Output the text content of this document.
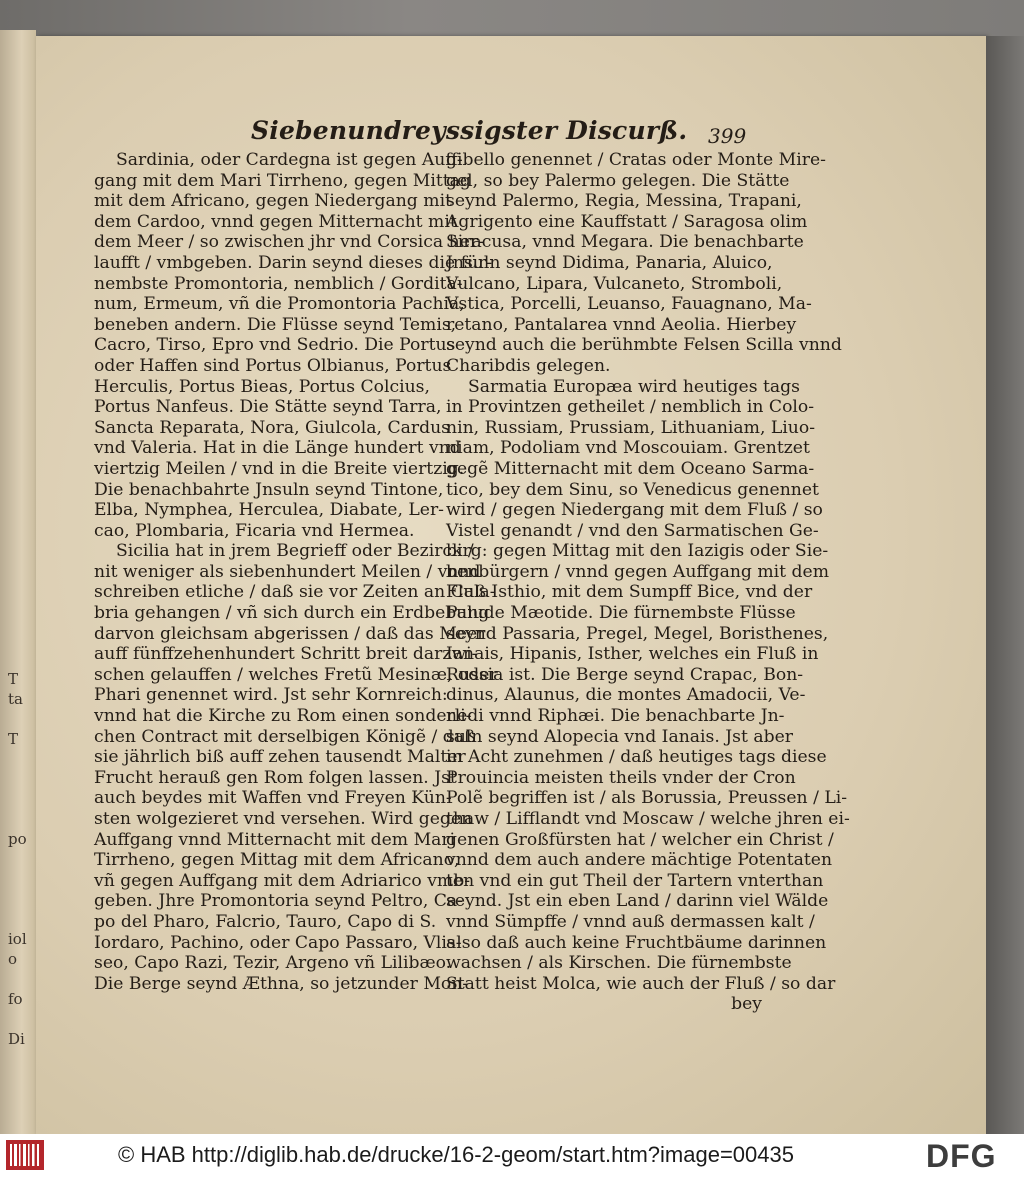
T
ta
T
po
iol
o
fo
Di
Siebenundreyssigster Discurß.	399
Sardinia, oder Cardegna ist gegen Auff-
gang mit dem Mari Tirrheno, gegen Mittag
mit dem Africano, gegen Niedergang mit
dem Cardoo, vnnd gegen Mitternacht mit
dem Meer / so zwischen jhr vnd Corsica her-
laufft / vmbgeben. Darin seynd dieses die für-
nembste Promontoria, nemblich / Gordita-
num, Ermeum, vñ die Promontoria Pachia,
beneben andern. Die Flüsse seynd Temis,
Cacro, Tirso, Epro vnd Sedrio. Die Portus
oder Haffen sind Portus Olbianus, Portus
Herculis, Portus Bieas, Portus Colcius,
Portus Nanfeus. Die Stätte seynd Tarra,
Sancta Reparata, Nora, Giulcola, Cardus
vnd Valeria. Hat in die Länge hundert vnd
viertzig Meilen / vnd in die Breite viertzig.
Die benachbahrte Jnsuln seynd Tintone,
Elba, Nymphea, Herculea, Diabate, Ler-
cao, Plombaria, Ficaria vnd Hermea.
Sicilia hat in jrem Begrieff oder Bezirck /
nit weniger als siebenhundert Meilen / vnnd
schreiben etliche / daß sie vor Zeiten an Cala-
bria gehangen / vñ sich durch ein Erdbebung
darvon gleichsam abgerissen / daß das Meer
auff fünffzehenhundert Schritt breit darzwi-
schen gelauffen / welches Fretũ Mesinæ, oder
Phari genennet wird. Jst sehr Kornreich:
vnnd hat die Kirche zu Rom einen sonderli-
chen Contract mit derselbigen Königẽ / daß
sie jährlich biß auff zehen tausendt Malter
Frucht herauß gen Rom folgen lassen. Jst
auch beydes mit Waffen vnd Freyen Kün-
sten wolgezieret vnd versehen. Wird gegen
Auffgang vnnd Mitternacht mit dem Mari
Tirrheno, gegen Mittag mit dem Africano,
vñ gegen Auffgang mit dem Adriarico vmb-
geben. Jhre Promontoria seynd Peltro, Ca-
po del Pharo, Falcrio, Tauro, Capo di S.
Iordaro, Pachino, oder Capo Passaro, Vlis-
seo, Capo Razi, Tezir, Argeno vñ Lilibæo.
Die Berge seynd Æthna, so jetzunder Mon-
gibello genennet / Cratas oder Monte Mire-
gel, so bey Palermo gelegen. Die Stätte
seynd Palermo, Regia, Messina, Trapani,
Agrigento eine Kauffstatt / Saragosa olim
Siracusa, vnnd Megara. Die benachbarte
Jnsuln seynd Didima, Panaria, Aluico,
Vulcano, Lipara, Vulcaneto, Stromboli,
Vstica, Porcelli, Leuanso, Fauagnano, Ma-
retano, Pantalarea vnnd Aeolia. Hierbey
seynd auch die berühmbte Felsen Scilla vnnd
Charibdis gelegen.
Sarmatia Europæa wird heutiges tags
in Provintzen getheilet / nemblich in Colo-
nin, Russiam, Prussiam, Lithuaniam, Liuo-
niam, Podoliam vnd Moscouiam. Grentzet
gegẽ Mitternacht mit dem Oceano Sarma-
tico, bey dem Sinu, so Venedicus genennet
wird / gegen Niedergang mit dem Fluß / so
Vistel genandt / vnd den Sarmatischen Ge-
birg: gegen Mittag mit den Iazigis oder Sie-
benbürgern / vnnd gegen Auffgang mit dem
Fluß Isthio, mit dem Sumpff Bice, vnd der
Palude Mæotide. Die fürnembste Flüsse
seynd Passaria, Pregel, Megel, Boristhenes,
Ianais, Hipanis, Isther, welches ein Fluß in
Russia ist. Die Berge seynd Crapac, Bon-
dinus, Alaunus, die montes Amadocii, Ve-
nedi vnnd Riphæi. Die benachbarte Jn-
suln seynd Alopecia vnd Ianais. Jst aber
in Acht zunehmen / daß heutiges tags diese
Prouincia meisten theils vnder der Cron
Polẽ begriffen ist / als Borussia, Preussen / Li-
thaw / Lifflandt vnd Moscaw / welche jhren ei-
genen Großfürsten hat / welcher ein Christ /
vnnd dem auch andere mächtige Potentaten
ten vnd ein gut Theil der Tartern vnterthan
seynd. Jst ein eben Land / darinn viel Wälde
vnnd Sümpffe / vnnd auß dermassen kalt /
also daß auch keine Fruchtbäume darinnen
wachsen / als Kirschen. Die fürnembste
Statt heist Molca, wie auch der Fluß / so dar
bey
© HAB http://diglib.hab.de/drucke/16-2-geom/start.htm?image=00435	DFG
